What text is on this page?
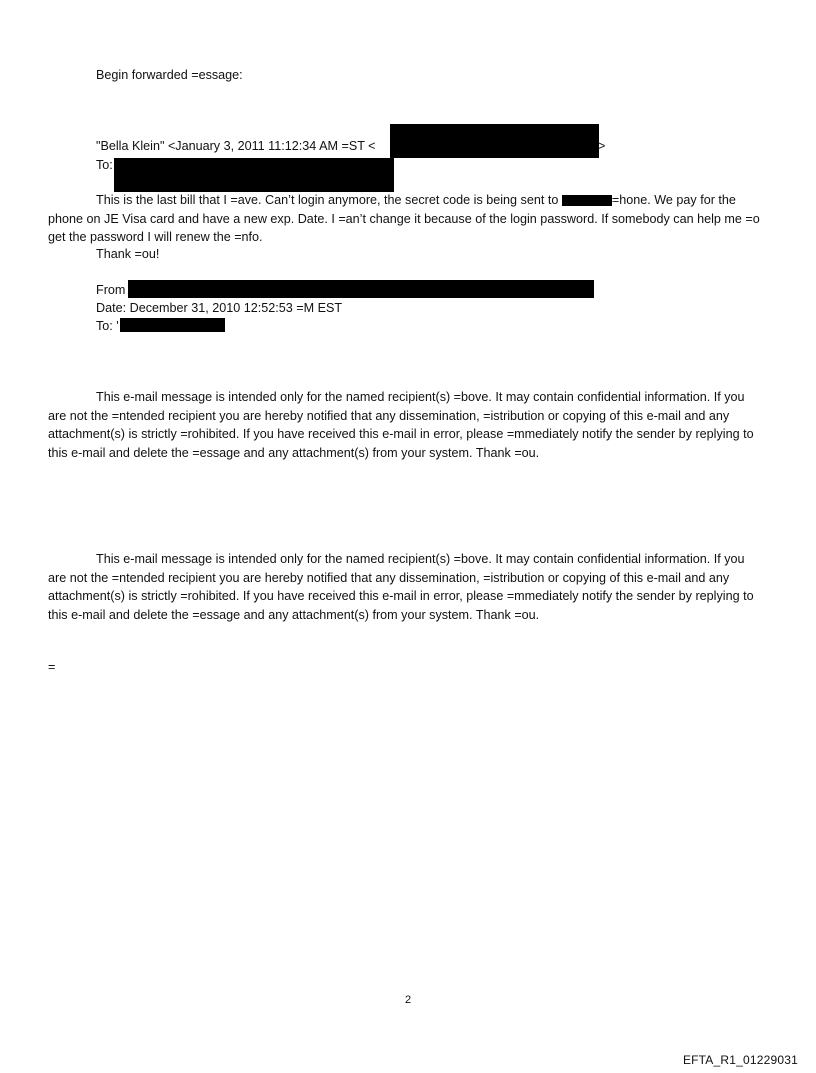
Begin forwarded =essage:
"Bella Klein" <January 3, 2011 11:12:34 AM =ST <	>
To:

This is the last bill that I =ave. Can’t login anymore, the secret code is being sent to	=hone. We pay for the phone on JE Visa card and have a new exp. Date. I =an’t change it because of the login password. If somebody can help me =o get the password I will renew the =nfo.

Thank =ou!
From
Date: December 31, 2010 12:52:53 =M EST
To: '

This e-mail message is intended only for the named recipient(s) =bove. It may contain confidential information. If you are not the =ntended recipient you are hereby notified that any dissemination, =istribution or copying of this e-mail and any attachment(s) is strictly =rohibited. If you have received this e-mail in error, please =mmediately notify the sender by replying to this e-mail and delete the =essage and any attachment(s) from your system. Thank =ou.

This e-mail message is intended only for the named recipient(s) =bove. It may contain confidential information. If you are not the =ntended recipient you are hereby notified that any dissemination, =istribution or copying of this e-mail and any attachment(s) is strictly =rohibited. If you have received this e-mail in error, please =mmediately notify the sender by replying to this e-mail and delete the =essage and any attachment(s) from your system. Thank =ou.

=
2
EFTA_R1_01229031
